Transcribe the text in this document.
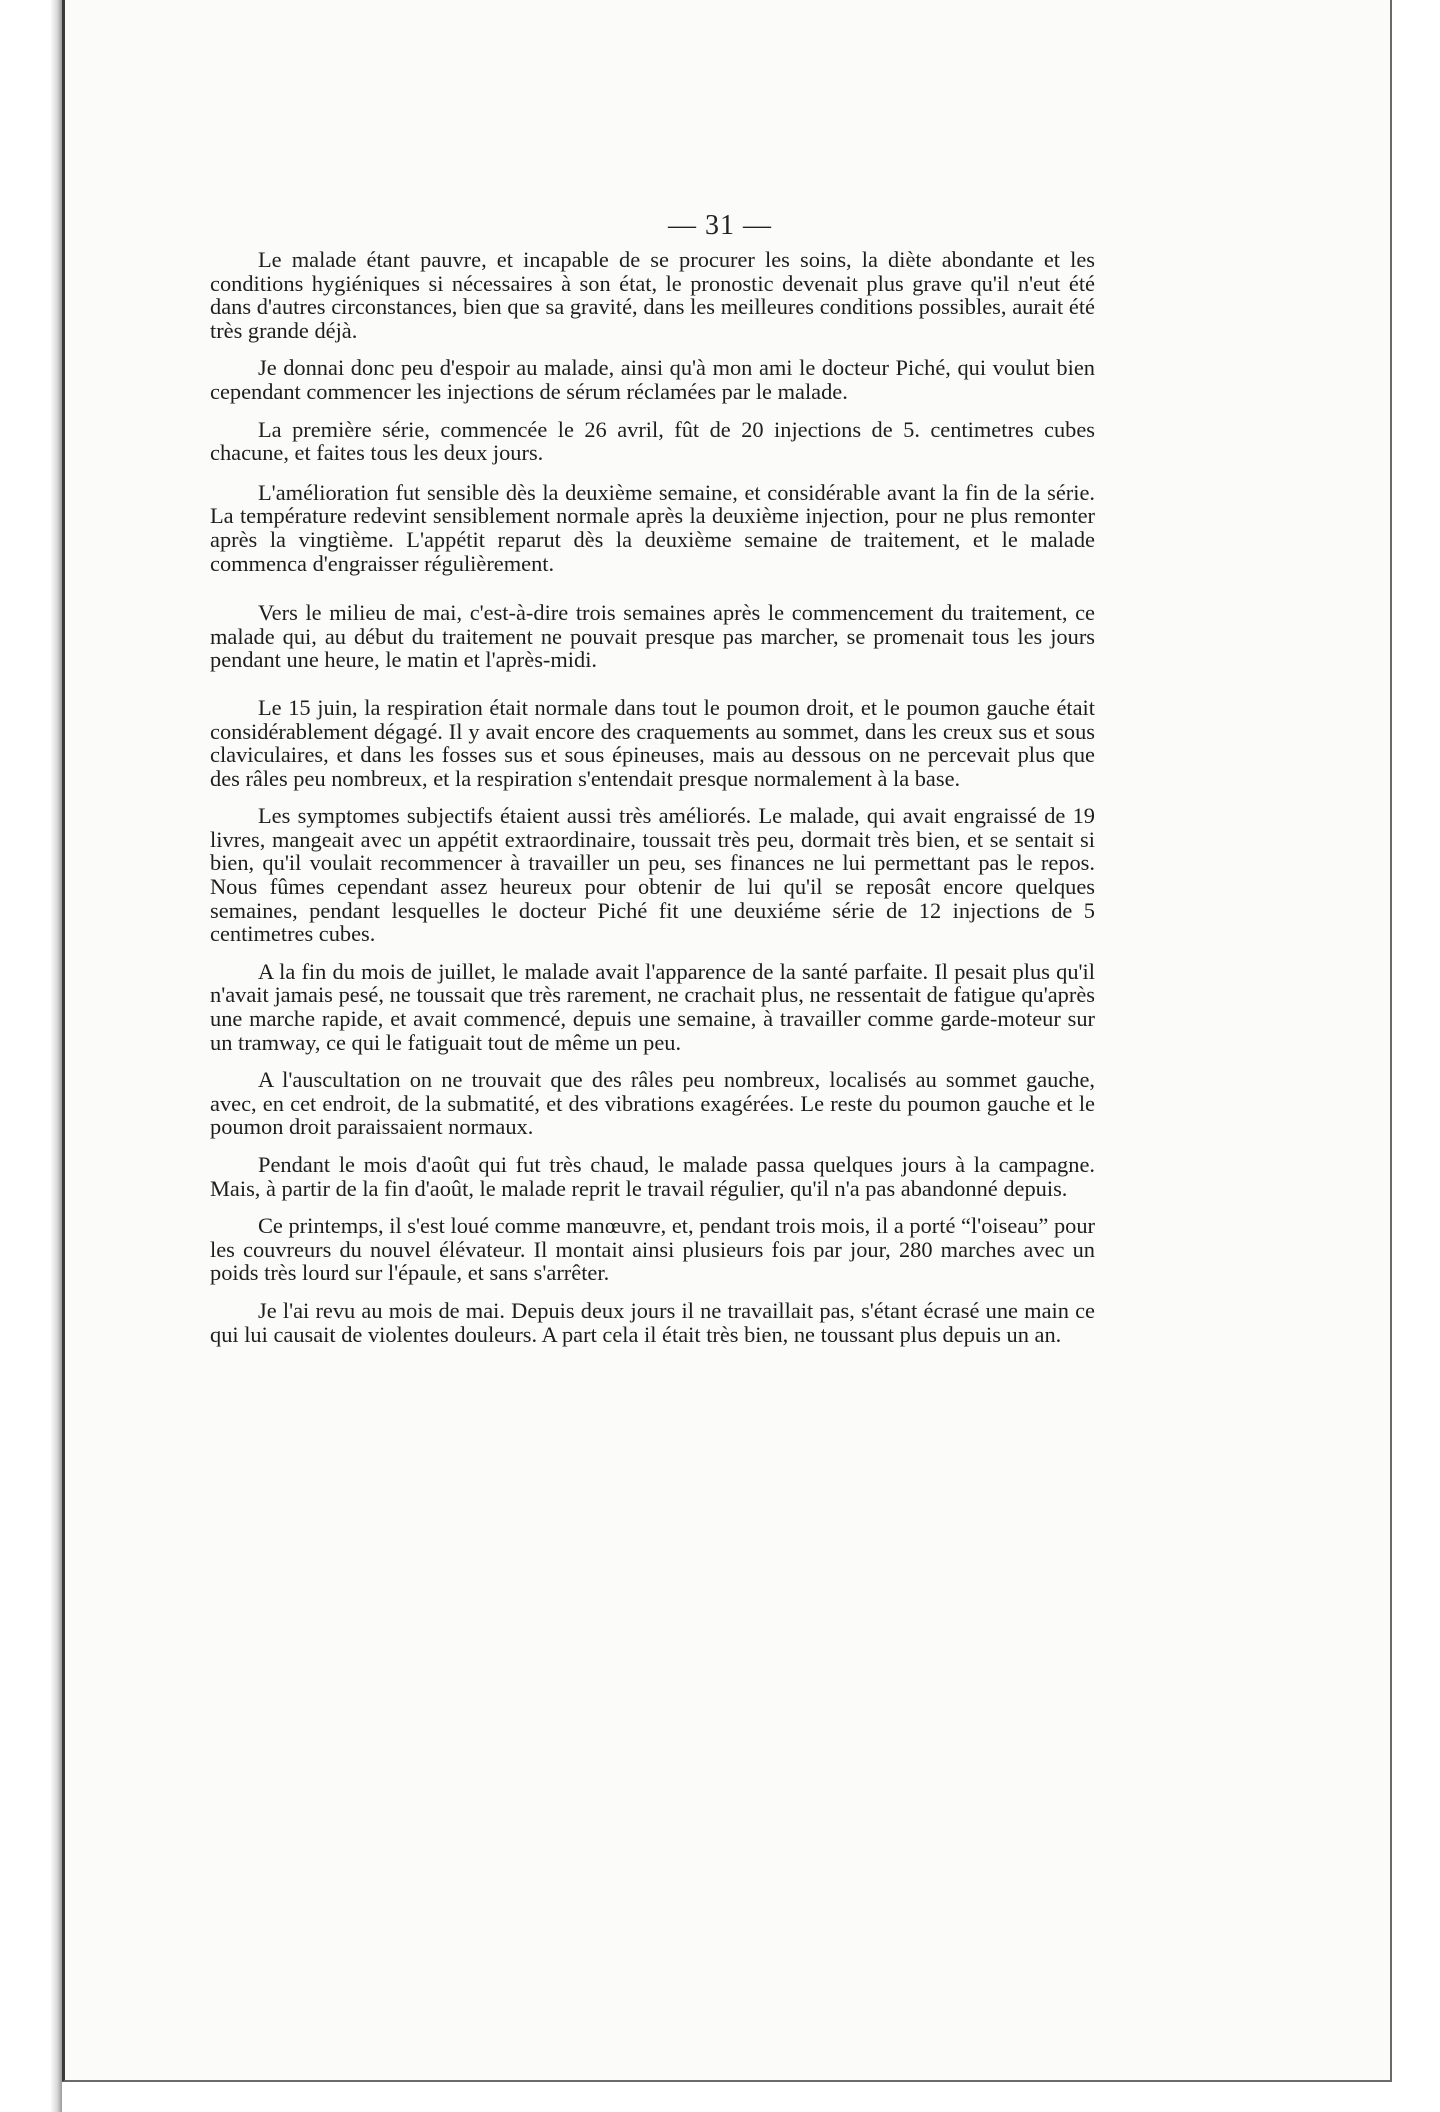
— 31 —

Le malade étant pauvre, et incapable de se procurer les soins, la diète abondante et les conditions hygiéniques si nécessaires à son état, le pronostic devenait plus grave qu'il n'eut été dans d'autres circonstances, bien que sa gravité, dans les meilleures conditions possibles, aurait été très grande déjà.

Je donnai donc peu d'espoir au malade, ainsi qu'à mon ami le docteur Piché, qui voulut bien cependant commencer les injections de sérum réclamées par le malade.

La première série, commencée le 26 avril, fût de 20 injections de 5. centimetres cubes chacune, et faites tous les deux jours.

L'amélioration fut sensible dès la deuxième semaine, et considérable avant la fin de la série. La température redevint sensiblement normale après la deuxième injection, pour ne plus remonter après la vingtième. L'appétit reparut dès la deuxième semaine de traitement, et le malade commenca d'engraisser régulièrement.

Vers le milieu de mai, c'est-à-dire trois semaines après le commencement du traitement, ce malade qui, au début du traitement ne pouvait presque pas marcher, se promenait tous les jours pendant une heure, le matin et l'après-midi.

Le 15 juin, la respiration était normale dans tout le poumon droit, et le poumon gauche était considérablement dégagé. Il y avait encore des craquements au sommet, dans les creux sus et sous claviculaires, et dans les fosses sus et sous épineuses, mais au dessous on ne percevait plus que des râles peu nombreux, et la respiration s'entendait presque normalement à la base.

Les symptomes subjectifs étaient aussi très améliorés. Le malade, qui avait engraissé de 19 livres, mangeait avec un appétit extraordinaire, toussait très peu, dormait très bien, et se sentait si bien, qu'il voulait recommencer à travailler un peu, ses finances ne lui permettant pas le repos. Nous fûmes cependant assez heureux pour obtenir de lui qu'il se reposât encore quelques semaines, pendant lesquelles le docteur Piché fit une deuxiéme série de 12 injections de 5 centimetres cubes.

A la fin du mois de juillet, le malade avait l'apparence de la santé parfaite. Il pesait plus qu'il n'avait jamais pesé, ne toussait que très rarement, ne crachait plus, ne ressentait de fatigue qu'après une marche rapide, et avait commencé, depuis une semaine, à travailler comme garde-moteur sur un tramway, ce qui le fatiguait tout de même un peu.

A l'auscultation on ne trouvait que des râles peu nombreux, localisés au sommet gauche, avec, en cet endroit, de la submatité, et des vibrations exagérées. Le reste du poumon gauche et le poumon droit paraissaient normaux.

Pendant le mois d'août qui fut très chaud, le malade passa quelques jours à la campagne. Mais, à partir de la fin d'août, le malade reprit le travail régulier, qu'il n'a pas abandonné depuis.

Ce printemps, il s'est loué comme manœuvre, et, pendant trois mois, il a porté “l'oiseau” pour les couvreurs du nouvel élévateur. Il montait ainsi plusieurs fois par jour, 280 marches avec un poids très lourd sur l'épaule, et sans s'arrêter.

Je l'ai revu au mois de mai. Depuis deux jours il ne travaillait pas, s'étant écrasé une main ce qui lui causait de violentes douleurs. A part cela il était très bien, ne toussant plus depuis un an.
